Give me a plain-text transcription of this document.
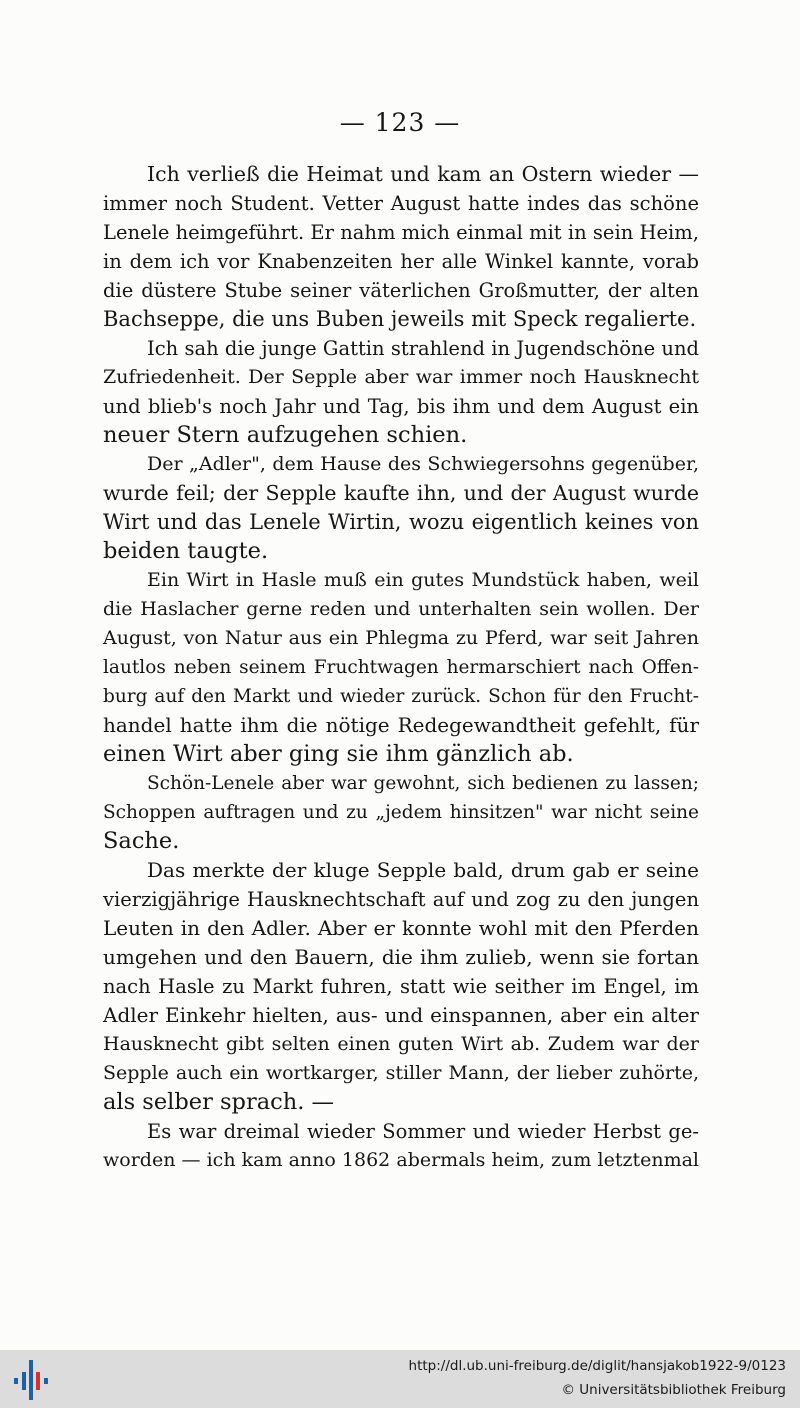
— 123 —
Ich verließ die Heimat und kam an Ostern wieder —
immer noch Student. Vetter August hatte indes das schöne
Lenele heimgeführt. Er nahm mich einmal mit in sein Heim,
in dem ich vor Knabenzeiten her alle Winkel kannte, vorab
die düstere Stube seiner väterlichen Großmutter, der alten
Bachseppe, die uns Buben jeweils mit Speck regalierte.
Ich sah die junge Gattin strahlend in Jugendschöne und
Zufriedenheit. Der Sepple aber war immer noch Hausknecht
und blieb's noch Jahr und Tag, bis ihm und dem August ein
neuer Stern aufzugehen schien.
Der „Adler", dem Hause des Schwiegersohns gegenüber,
wurde feil; der Sepple kaufte ihn, und der August wurde
Wirt und das Lenele Wirtin, wozu eigentlich keines von
beiden taugte.
Ein Wirt in Hasle muß ein gutes Mundstück haben, weil
die Haslacher gerne reden und unterhalten sein wollen. Der
August, von Natur aus ein Phlegma zu Pferd, war seit Jahren
lautlos neben seinem Fruchtwagen hermarschiert nach Offen-
burg auf den Markt und wieder zurück. Schon für den Frucht-
handel hatte ihm die nötige Redegewandtheit gefehlt, für
einen Wirt aber ging sie ihm gänzlich ab.
Schön-Lenele aber war gewohnt, sich bedienen zu lassen;
Schoppen auftragen und zu „jedem hinsitzen" war nicht seine
Sache.
Das merkte der kluge Sepple bald, drum gab er seine
vierzigjährige Hausknechtschaft auf und zog zu den jungen
Leuten in den Adler. Aber er konnte wohl mit den Pferden
umgehen und den Bauern, die ihm zulieb, wenn sie fortan
nach Hasle zu Markt fuhren, statt wie seither im Engel, im
Adler Einkehr hielten, aus- und einspannen, aber ein alter
Hausknecht gibt selten einen guten Wirt ab. Zudem war der
Sepple auch ein wortkarger, stiller Mann, der lieber zuhörte,
als selber sprach. —
Es war dreimal wieder Sommer und wieder Herbst ge-
worden — ich kam anno 1862 abermals heim, zum letztenmal
http://dl.ub.uni-freiburg.de/diglit/hansjakob1922-9/0123
© Universitätsbibliothek Freiburg
